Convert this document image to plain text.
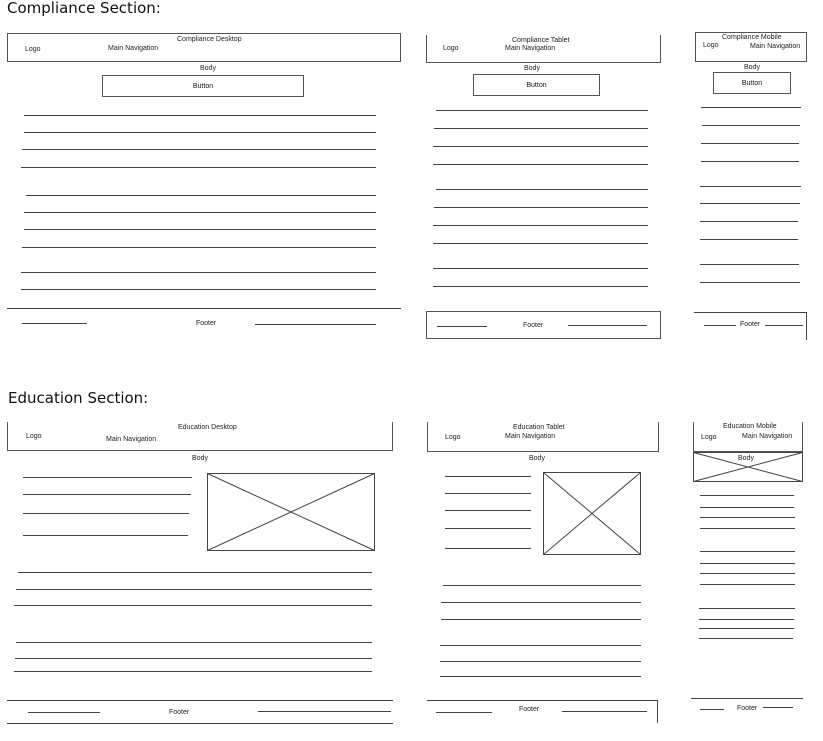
Compliance Section:
Compliance Desktop
Logo	Main Navigation
Body
Button
Footer
Compliance Tablet
Logo	Main Navigation
Body
Button
Footer
Compliance Mobile
Logo	Main Navigation
Body
Button
Footer
Education Section:
Education Desktop
Logo	Main Navigation
Body
Footer
Education Tablet
Logo	Main Navigation
Body
Footer
Education Mobile
Logo	Main Navigation
Body
Footer
